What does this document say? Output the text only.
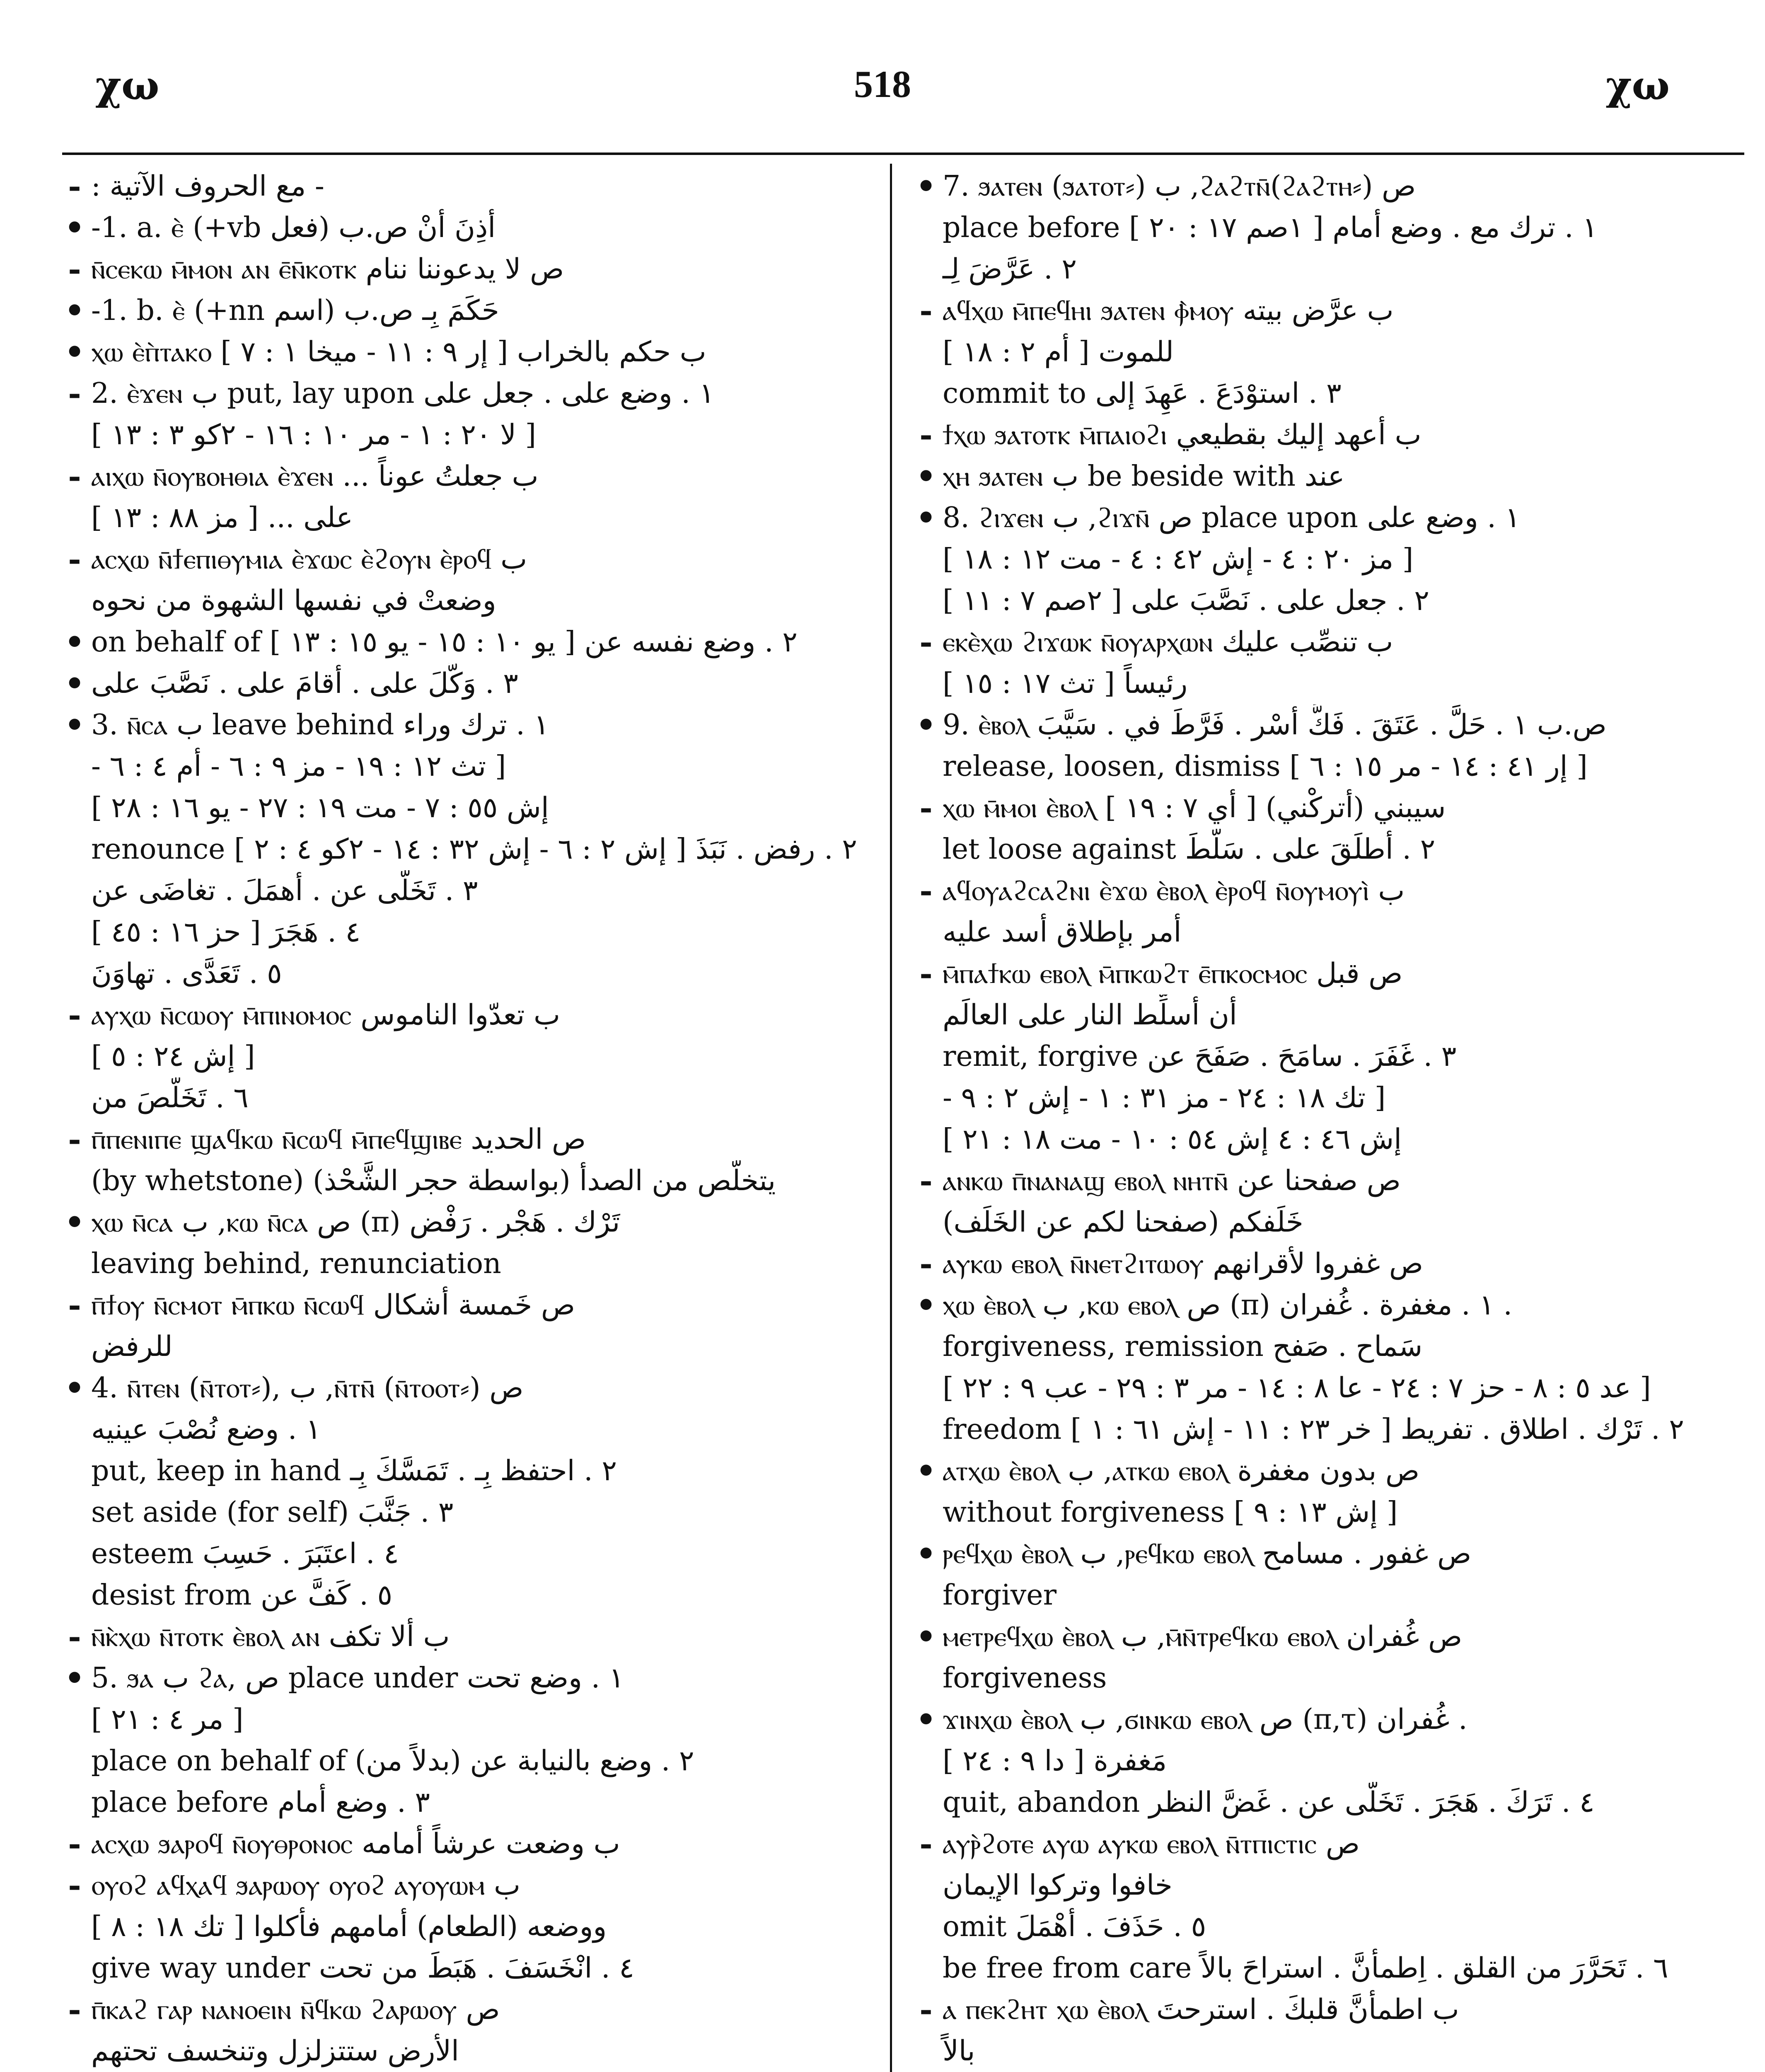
χω	518	χω
- - مع الحروف الآتية :
• أذِنَ أنْ ص.ب (فعل ‎+vb) ‎1. a. ⲉ̀-
- ⲛ̄ⲥⲉⲕⲱ ⲙ̄ⲙⲟⲛ ⲁⲛ ⲉ̄ⲛ̄ⲕⲟⲧⲕ ص لا يدعوننا ننام
• حَكَمَ بِـ ص.ب (اسم ‎+nn) ‎1. b. ⲉ̀-
• ⲭⲱ ⲉ̀ⲡ̀ⲧⲁⲕⲟ ب حكم بالخراب [ إر ٩ : ١١ - ميخا ١ : ٧ ]
- ١ . وضع على . جعل على put, lay upon ب ‎2. ⲉ̀ϫⲉⲛ
[ لا ٢٠ : ١ - مر ١٠ : ١٦ - ٢كو ٣ : ١٣ ]
- ⲁⲓⲭⲱ ⲛ̄ⲟⲩⲃⲟⲏⲑⲓⲁ ⲉ̀ϫⲉⲛ ... ب جعلتُ عوناً
على ... [ مز ٨٨ : ١٣ ]
- ⲁⲥⲭⲱ ⲛ̄ϯⲉⲡⲓⲑⲩⲙⲓⲁ ⲉ̀ϫⲱⲥ ⲉ̀ϩⲟⲩⲛ ⲉ̀ⲣⲟϥ ب
وضعتْ في نفسها الشهوة من نحوه
• ٢ . وضع نفسه عن [ يو ١٠ : ١٥ - يو ١٥ : ١٣ ] on behalf of
• ٣ . وَكَّلَ على . أقامَ على . نَصَّبَ على
• ١ . ترك وراء leave behind ب ‎3. ⲛ̄ⲥⲁ
[ تث ١٢ : ١٩ - مز ٩ : ٦ - أم ٤ : ٦ -
إش ٥٥ : ٧ - مت ١٩ : ٢٧ - يو ١٦ : ٢٨ ]
٢ . رفض . نَبَذَ [ إش ٢ : ٦ - إش ٣٢ : ١٤ - ٢كو ٤ : ٢ ] renounce
٣ . تَخَلَّى عن . أهمَلَ . تغاضَى عن
٤ . هَجَرَ [ حز ١٦ : ٤٥ ]
٥ . تَعَدَّى . تهاوَنَ
- ⲁⲩⲭⲱ ⲛ̄ⲥⲱⲟⲩ ⲙ̄ⲡⲓⲛⲟⲙⲟⲥ ب تعدّوا الناموس
[ إش ٢٤ : ٥ ]
٦ . تَخَلَّصَ من
- ⲡ̄ⲡⲉⲛⲓⲡⲉ ϣⲁϥⲕⲱ ⲛ̄ⲥⲱϥ ⲙ̄ⲡⲉϥϣⲓⲃⲉ ص الحديد
يتخلّص من الصدأ (بواسطة حجر الشَّحْذ) (by whetstone)
• ⲭⲱ ⲛ̄ⲥⲁ ب ,ⲕⲱ ⲛ̄ⲥⲁ ص (π) تَرْك . هَجْر . رَفْض
leaving behind, renunciation
- ⲡ̄ϯⲟⲩ ⲛ̄ⲥⲙⲟⲧ ⲙ̄ⲡⲕⲱ ⲛ̄ⲥⲱϥ ص خَمسة أشكال
للرفض
• ‎4. ⲛ̄ⲧⲉⲛ (ⲛ̄ⲧⲟⲧ⸗), ب ,ⲛ̄ⲧⲛ̄ (ⲛ̄ⲧⲟⲟⲧ⸗) ص
١ . وضع نُصْبَ عينيه
٢ . احتفظ بِـ . تَمَسَّكَ بِـ put, keep in hand
٣ . جَنَّبَ set aside (for self)
٤ . اعتَبَرَ . حَسِبَ esteem
٥ . كَفَّ عن desist from
- ⲛ̄ⲕ̀ⲭⲱ ⲛ̄ⲧⲟⲧⲕ ⲉ̀ⲃⲟⲗ ⲁⲛ ب ألا تكف
• ١ . وضع تحت place under ص ,ϩⲁ ب ‎5. ϧⲁ
[ مر ٤ : ٢١ ]
٢ . وضع بالنيابة عن (بدلاً من) place on behalf of
٣ . وضع أمام place before
- ⲁⲥⲭⲱ ϧⲁⲣⲟϥ ⲛ̄ⲟⲩⲑⲣⲟⲛⲟⲥ ب وضعت عرشاً أمامه
- ⲟⲩⲟϩ ⲁϥⲭⲁϥ ϧⲁⲣⲱⲟⲩ ⲟⲩⲟϩ ⲁⲩⲟⲩⲱⲙ ب
ووضعه (الطعام) أمامهم فأكلوا [ تك ١٨ : ٨ ]
٤ . انْخَسَفَ . هَبَطَ من تحت give way under
- ⲡ̄ⲕⲁϩ ⲅⲁⲣ ⲛⲁⲛⲟⲉⲓⲛ ⲛ̄ϥⲕⲱ ϩⲁⲣⲱⲟⲩ ص
الأرض ستتزلزل وتنخسف تحتهم
• ‎7. ϧⲁⲧⲉⲛ (ϧⲁⲧⲟⲧ⸗) ب ,ϩⲁϩⲧⲛ̄(ϩⲁϩⲧⲏ⸗) ص
١ . ترك مع . وضع أمام [ ١صم ١٧ : ٢٠ ] place before
٢ . عَرَّضَ لِـ
- ⲁϥⲭⲱ ⲙ̄ⲡⲉϥⲏⲓ ϧⲁⲧⲉⲛ ⲫ̀ⲙⲟⲩ ب عرَّض بيته
للموت [ أم ٢ : ١٨ ]
٣ . استوْدَعَ . عَهِدَ إلى commit to
- ϯⲭⲱ ϧⲁⲧⲟⲧⲕ ⲙ̄ⲡⲁⲓⲟϩⲓ ب أعهد إليك بقطيعي
• ⲭⲏ ϧⲁⲧⲉⲛ ب be beside with عند
• ‎8. ϩⲓϫⲉⲛ ب ,ϩⲓϫⲛ̄ ص place upon ١ . وضع على
[ مز ٢٠ : ٤ - إش ٤٢ : ٤ - مت ١٢ : ١٨ ]
٢ . جعل على . نَصَّبَ على [ ٢صم ٧ : ١١ ]
- ⲉⲕⲉ̀ⲭⲱ ϩⲓϫⲱⲕ ⲛ̄ⲟⲩⲁⲣⲭⲱⲛ ب تنصِّب عليك
رئيساً [ تث ١٧ : ١٥ ]
• ‎9. ⲉ̀ⲃⲟⲗ ص.ب ١ . حَلَّ . عَتَقَ . فَكَّ أسْر . فَرَّطَ في . سَيَّبَ
release, loosen, dismiss [ إر ٤١ : ١٤ - مر ١٥ : ٦ ]
- ⲭⲱ ⲙ̄ⲙⲟⲓ ⲉ̀ⲃⲟⲗ سيبني (أتركْني) [ أي ٧ : ١٩ ]
٢ . أطلَقَ على . سَلَّطَ let loose against
- ⲁϥⲟⲩⲁϩⲥⲁϩⲛⲓ ⲉ̀ϫⲱ ⲉ̀ⲃⲟⲗ ⲉ̀ⲣⲟϥ ⲛ̄ⲟⲩⲙⲟⲩⲓ̀ ب
أمر بإطلاق أسد عليه
- ⲙ̄ⲡⲁϯⲕⲱ ⲉⲃⲟⲗ ⲙ̄ⲡⲕⲱϩⲧ ⲉ̄ⲡⲕⲟⲥⲙⲟⲥ ص قبل
أن أسلِّط النار على العالَم
٣ . غَفَرَ . سامَحَ . صَفَحَ عن remit, forgive
[ تك ١٨ : ٢٤ - مز ٣١ : ١ - إش ٢ : ٩ -
إش ٤٦ : ٤ إش ٥٤ : ١٠ - مت ١٨ : ٢١ ]
- ⲁⲛⲕⲱ ⲡ̄ⲛⲁⲛⲁϣ ⲉⲃⲟⲗ ⲛⲏⲧⲛ̄ ص صفحنا عن
خَلَفكم (صفحنا لكم عن الخَلَف)
- ⲁⲩⲕⲱ ⲉⲃⲟⲗ ⲛ̄ⲛⲉⲧϩⲓⲧⲱⲟⲩ ص غفروا لأقرانهم
• ⲭⲱ ⲉ̀ⲃⲟⲗ ب ,ⲕⲱ ⲉⲃⲟⲗ ص (π) ١ . مغفرة . غُفران .
سَماح . صَفح forgiveness, remission
[ عد ٥ : ٨ - حز ٧ : ٢٤ - عا ٨ : ١٤ - مر ٣ : ٢٩ - عب ٩ : ٢٢ ]
٢ . تَرْك . اطلاق . تفريط [ خر ٢٣ : ١١ - إش ٦١ : ١ ] freedom
• ⲁⲧⲭⲱ ⲉ̀ⲃⲟⲗ ب ,ⲁⲧⲕⲱ ⲉⲃⲟⲗ ص بدون مغفرة
[ إش ١٣ : ٩ ] without forgiveness
• ⲣⲉϥⲭⲱ ⲉ̀ⲃⲟⲗ ب ,ⲣⲉϥⲕⲱ ⲉⲃⲟⲗ ص غفور . مسامح
forgiver
• ⲙⲉⲧⲣⲉϥⲭⲱ ⲉ̀ⲃⲟⲗ ب ,ⲙ̄ⲛ̄ⲧⲣⲉϥⲕⲱ ⲉⲃⲟⲗ ص غُفران
forgiveness
• ϫⲓⲛⲭⲱ ⲉ̀ⲃⲟⲗ ب ,ϭⲓⲛⲕⲱ ⲉⲃⲟⲗ ص (π,τ) غُفران .
مَغفرة [ دا ٩ : ٢٤ ]
٤ . تَرَكَ . هَجَرَ . تَخَلَّى عن . غَضَّ النظر quit, abandon
- ⲁⲩⲣ̀ϩⲟⲧⲉ ⲁⲩⲱ ⲁⲩⲕⲱ ⲉⲃⲟⲗ ⲛ̄ⲧⲡⲓⲥⲧⲓⲥ ص
خافوا وتركوا الإيمان
٥ . حَذَفَ . أهْمَلَ omit
٦ . تَحَرَّرَ من القلق . اِطمأنَّ . استراحَ بالاً be free from care
- ⲁ ⲡⲉⲕϩⲏⲧ ⲭⲱ ⲉ̀ⲃⲟⲗ ب اطمأنَّ قلبكَ . استرحتَ
بالاً
